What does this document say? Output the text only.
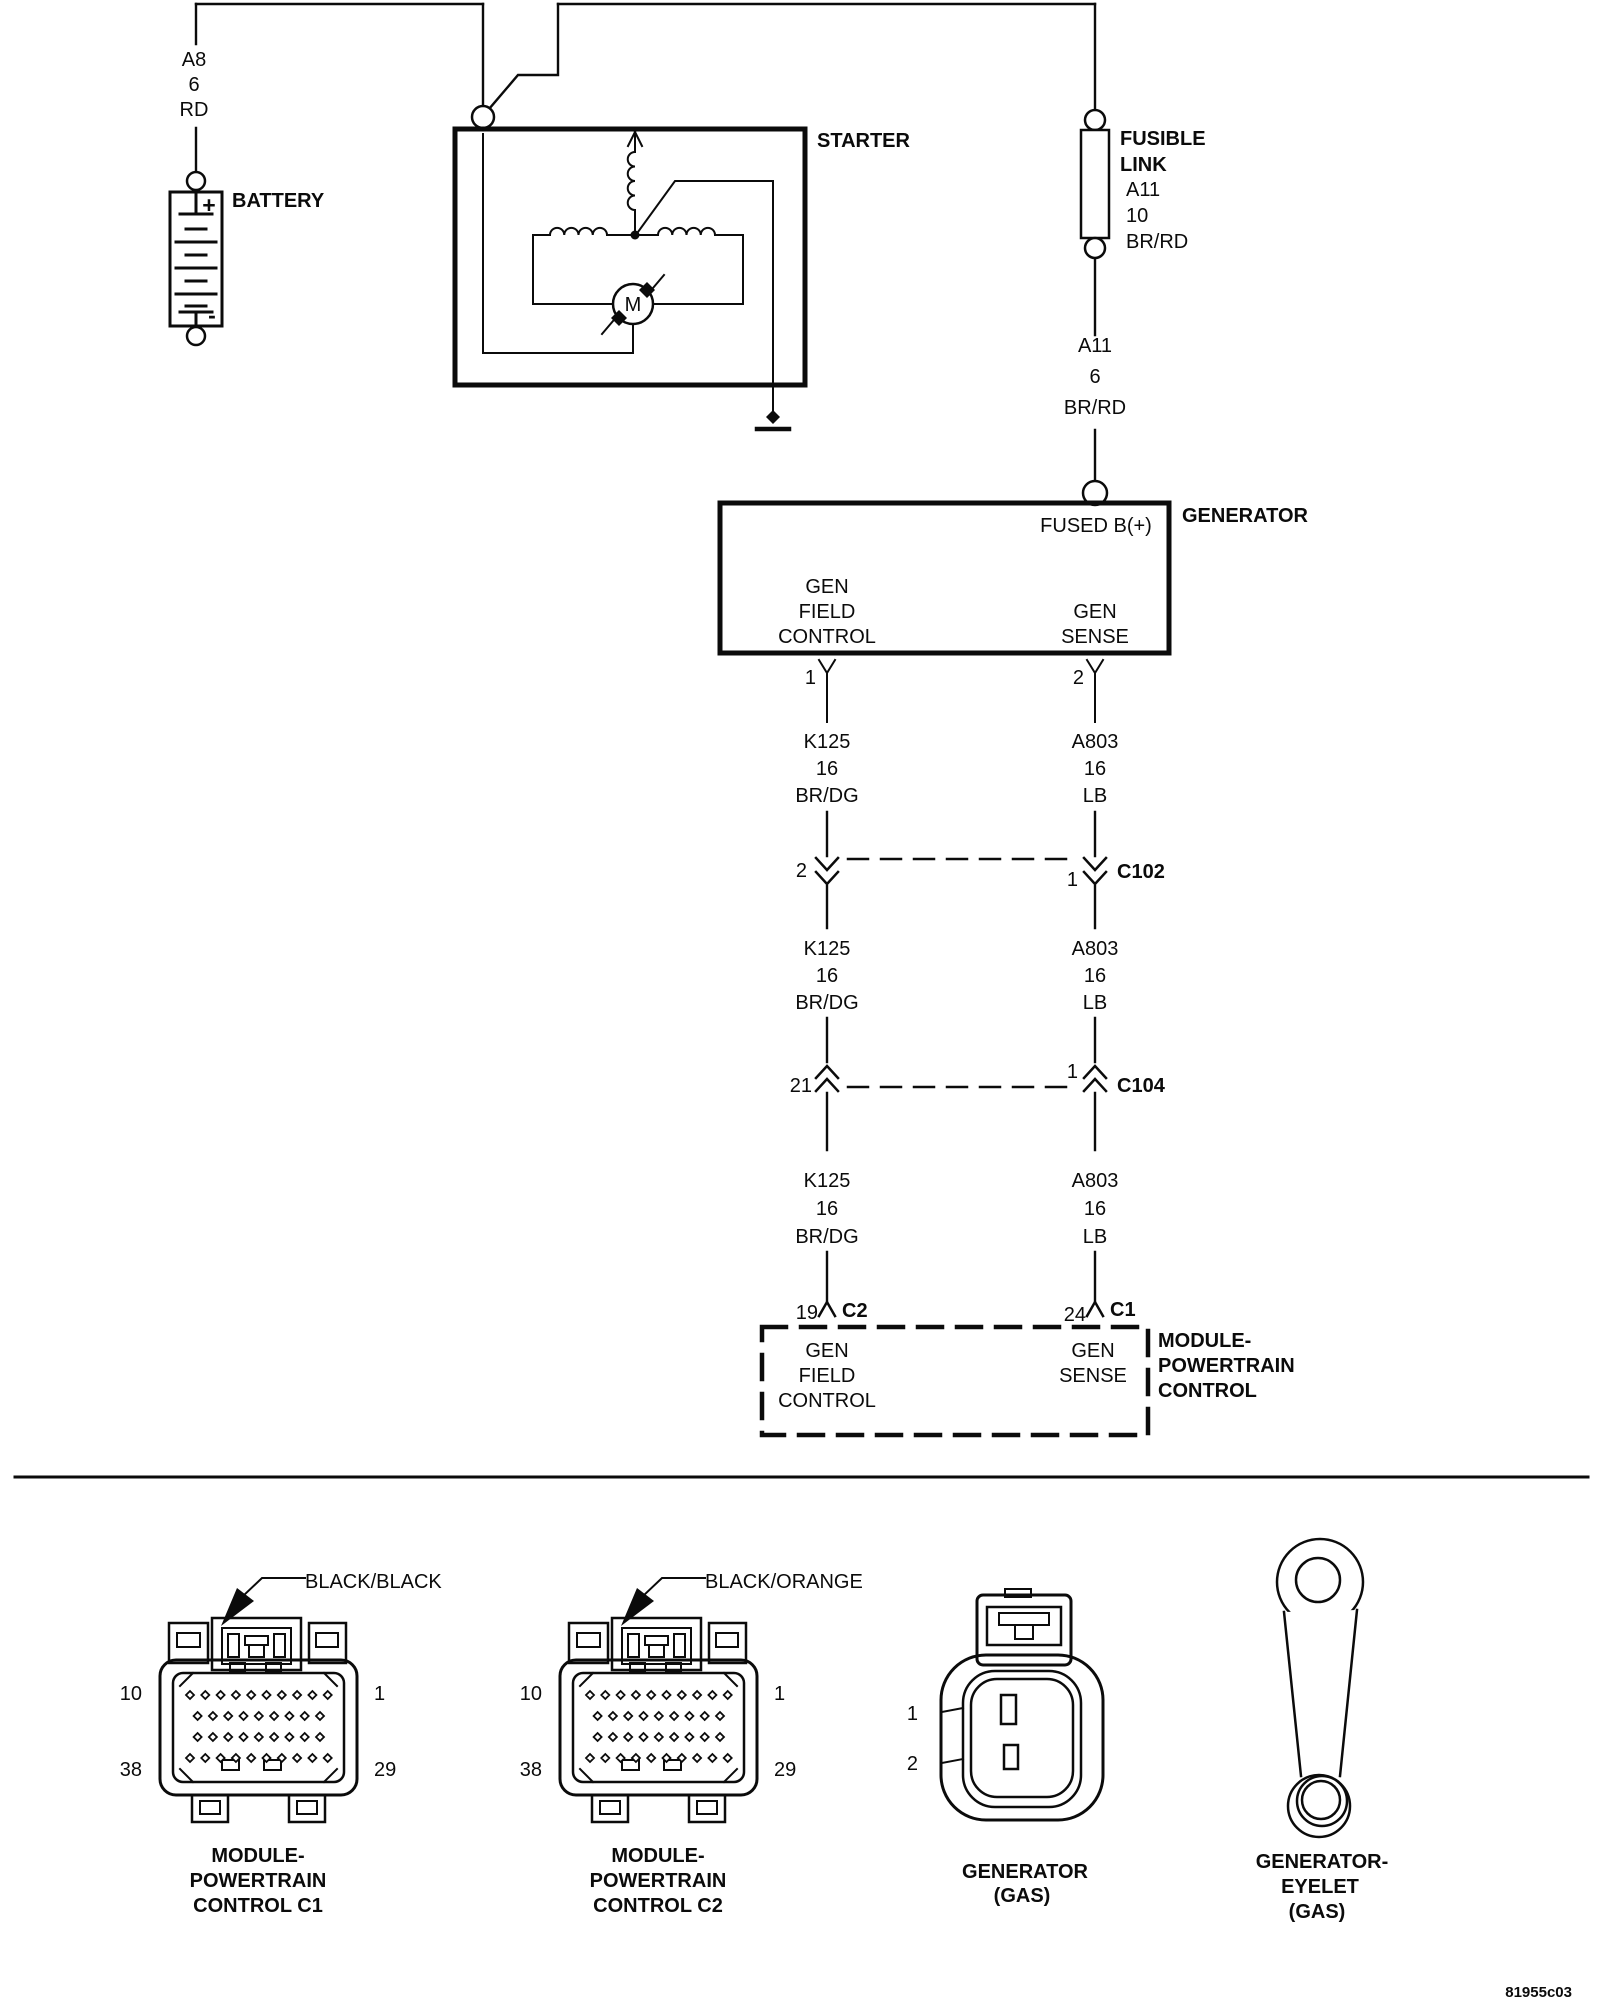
A8
6
RD
+
-
BATTERY
M
STARTER	FUSIBLE
LINK
A11
10
BR/RD
A11
6
BR/RD
FUSED B(+) GENERATOR
GEN
FIELD
CONTROL
GEN
SENSE
1	2
K125
16
BR/DG
A803
16
LB
2	1 C102
K125
16
BR/DG
A803
16
LB
21
1
C104
K125
16
BR/DG
A803
16
LB
19 C2	24 C1
GEN
FIELD
CONTROL
GEN
SENSE
MODULE-
POWERTRAIN
CONTROL
BLACK/BLACK
10	1
38	29
MODULE-
POWERTRAIN
CONTROL C1
BLACK/ORANGE
10	1
38	29
MODULE-
POWERTRAIN
CONTROL C2
1
2
GENERATOR
(GAS)
GENERATOR-
EYELET
(GAS)
81955c03
